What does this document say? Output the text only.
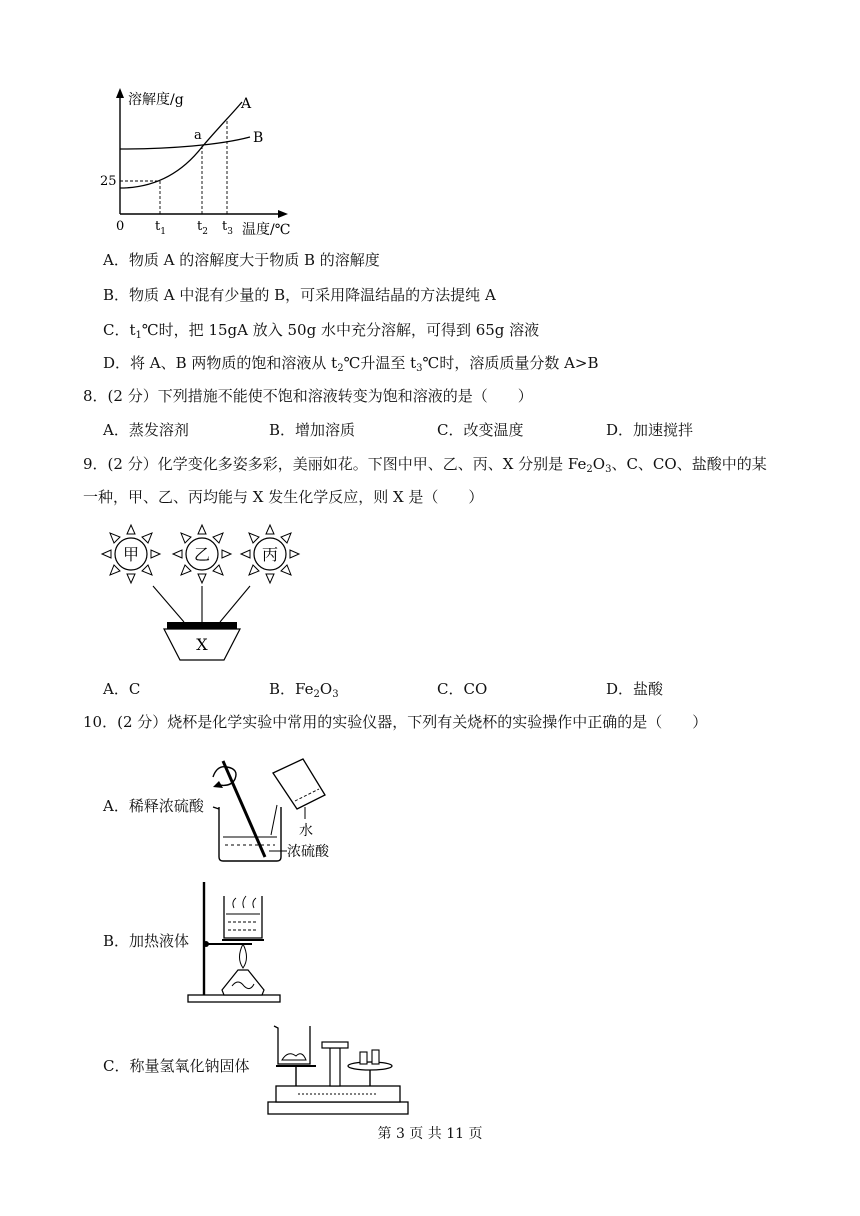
溶解度/g
温度/℃
25
0 $t_1$ $t_2$ $t_3$
A
B
a
A．物质 A 的溶解度大于物质 B 的溶解度
B．物质 A 中混有少量的 B，可采用降温结晶的方法提纯 A
C．$t_1℃$时，把 15gA 放入 50g 水中充分溶解，可得到 65g 溶液
D．将 A、B 两物质的饱和溶液从 $t_2℃$升温至 $t_3℃$时，溶质质量分数 A>B
8．(2 分）下列措施不能使不饱和溶液转变为饱和溶液的是（　　）
A．蒸发溶剂	B．增加溶质	C．改变温度	D．加速搅拌
9．(2 分）化学变化多姿多彩，美丽如花。下图中甲、乙、丙、X 分别是 $Fe_2O_3$、C、CO、盐酸中的某
一种，甲、乙、丙均能与 X 发生化学反应，则 X 是（　　）
甲	乙	丙
X
A．C	B．$Fe_2O_3$	C．CO	D．盐酸
10．(2 分）烧杯是化学实验中常用的实验仪器，下列有关烧杯的实验操作中正确的是（　　）
A．稀释浓硫酸
水
浓硫酸
B．加热液体
C．称量氢氧化钠固体
第 3 页 共 11 页
